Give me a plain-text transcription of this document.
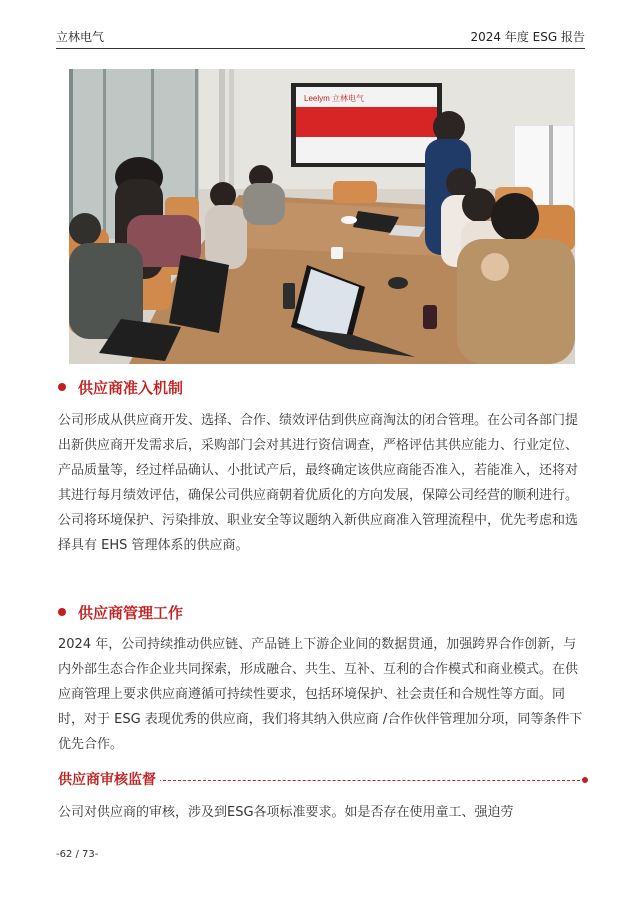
立林电气	2024 年度 ESG 报告
Leelym 立林电气
供应商准入机制

公司形成从供应商开发、选择、合作、绩效评估到供应商淘汰的闭合管理。在公司各部门提出新供应商开发需求后，采购部门会对其进行资信调查，严格评估其供应能力、行业定位、产品质量等，经过样品确认、小批试产后，最终确定该供应商能否准入，若能准入，还将对其进行每月绩效评估，确保公司供应商朝着优质化的方向发展，保障公司经营的顺利进行。公司将环境保护、污染排放、职业安全等议题纳入新供应商准入管理流程中，优先考虑和选择具有 EHS 管理体系的供应商。

供应商管理工作

2024 年，公司持续推动供应链、产品链上下游企业间的数据贯通，加强跨界合作创新，与内外部生态合作企业共同探索，形成融合、共生、互补、互利的合作模式和商业模式。在供应商管理上要求供应商遵循可持续性要求，包括环境保护、社会责任和合规性等方面。同时，对于 ESG 表现优秀的供应商，我们将其纳入供应商 /合作伙伴管理加分项，同等条件下优先合作。

供应商审核监督

公司对供应商的审核，涉及到ESG各项标准要求。如是否存在使用童工、强迫劳

-62 / 73-
